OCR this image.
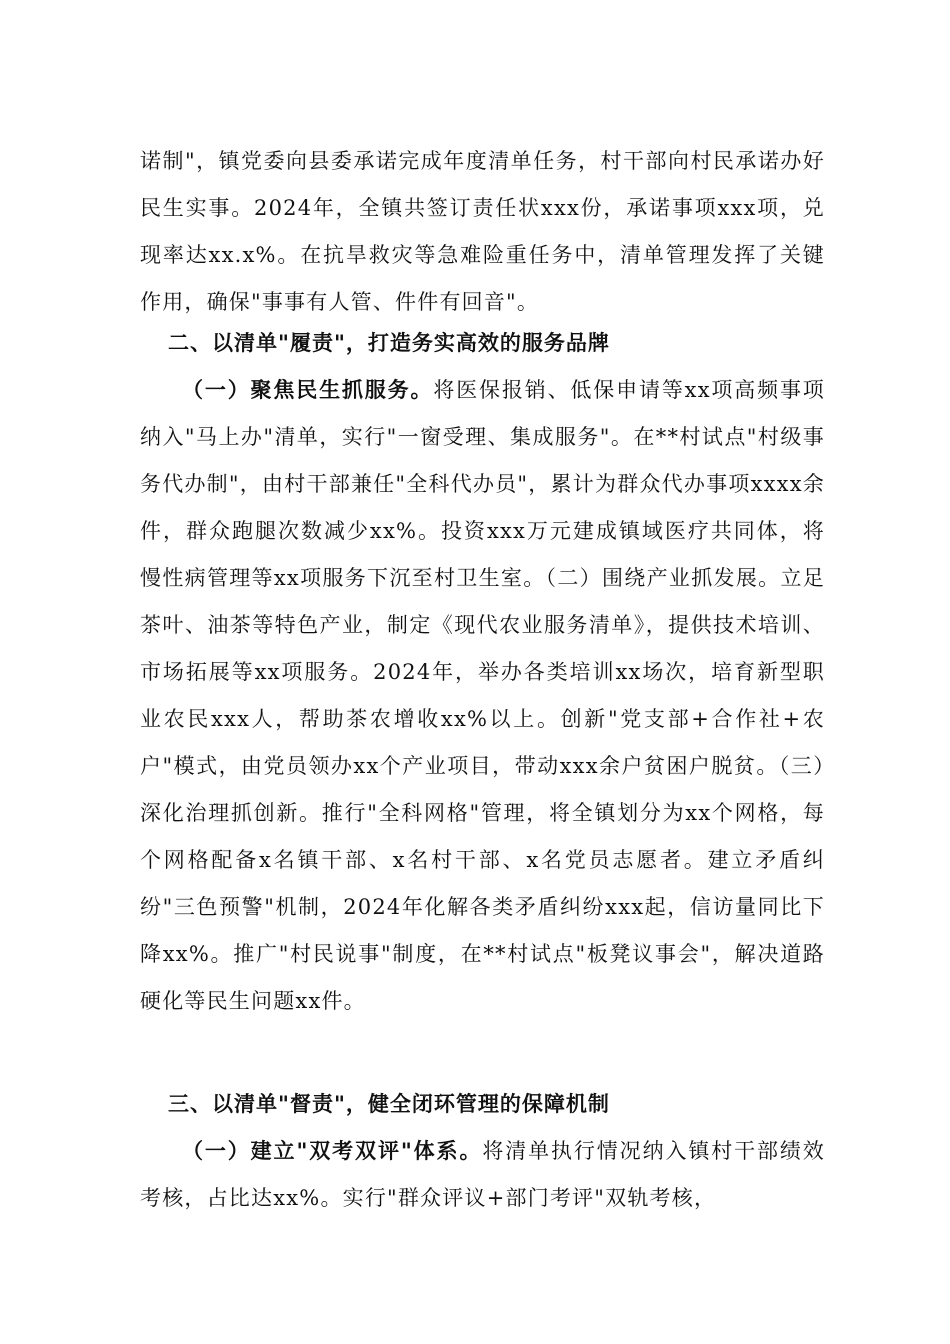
诺制"，镇党委向县委承诺完成年度清单任务，村干部向村民承诺办好民生实事。2024年，全镇共签订责任状xxx份，承诺事项xxx项，兑现率达xx.x%。在抗旱救灾等急难险重任务中，清单管理发挥了关键作用，确保"事事有人管、件件有回音"。
二、以清单"履责"，打造务实高效的服务品牌
（一）聚焦民生抓服务。将医保报销、低保申请等xx项高频事项纳入"马上办"清单，实行"一窗受理、集成服务"。在**村试点"村级事务代办制"，由村干部兼任"全科代办员"，累计为群众代办事项xxxx余件，群众跑腿次数减少xx%。投资xxx万元建成镇域医疗共同体，将慢性病管理等xx项服务下沉至村卫生室。（二）围绕产业抓发展。立足茶叶、油茶等特色产业，制定《现代农业服务清单》，提供技术培训、市场拓展等xx项服务。2024年，举办各类培训xx场次，培育新型职业农民xxx人，帮助茶农增收xx%以上。创新"党支部+合作社+农户"模式，由党员领办xx个产业项目，带动xxx余户贫困户脱贫。（三）深化治理抓创新。推行"全科网格"管理，将全镇划分为xx个网格，每个网格配备x名镇干部、x名村干部、x名党员志愿者。建立矛盾纠纷"三色预警"机制，2024年化解各类矛盾纠纷xxx起，信访量同比下降xx%。推广"村民说事"制度，在**村试点"板凳议事会"，解决道路硬化等民生问题xx件。
三、以清单"督责"，健全闭环管理的保障机制
（一）建立"双考双评"体系。将清单执行情况纳入镇村干部绩效考核，占比达xx%。实行"群众评议+部门考评"双轨考核，
